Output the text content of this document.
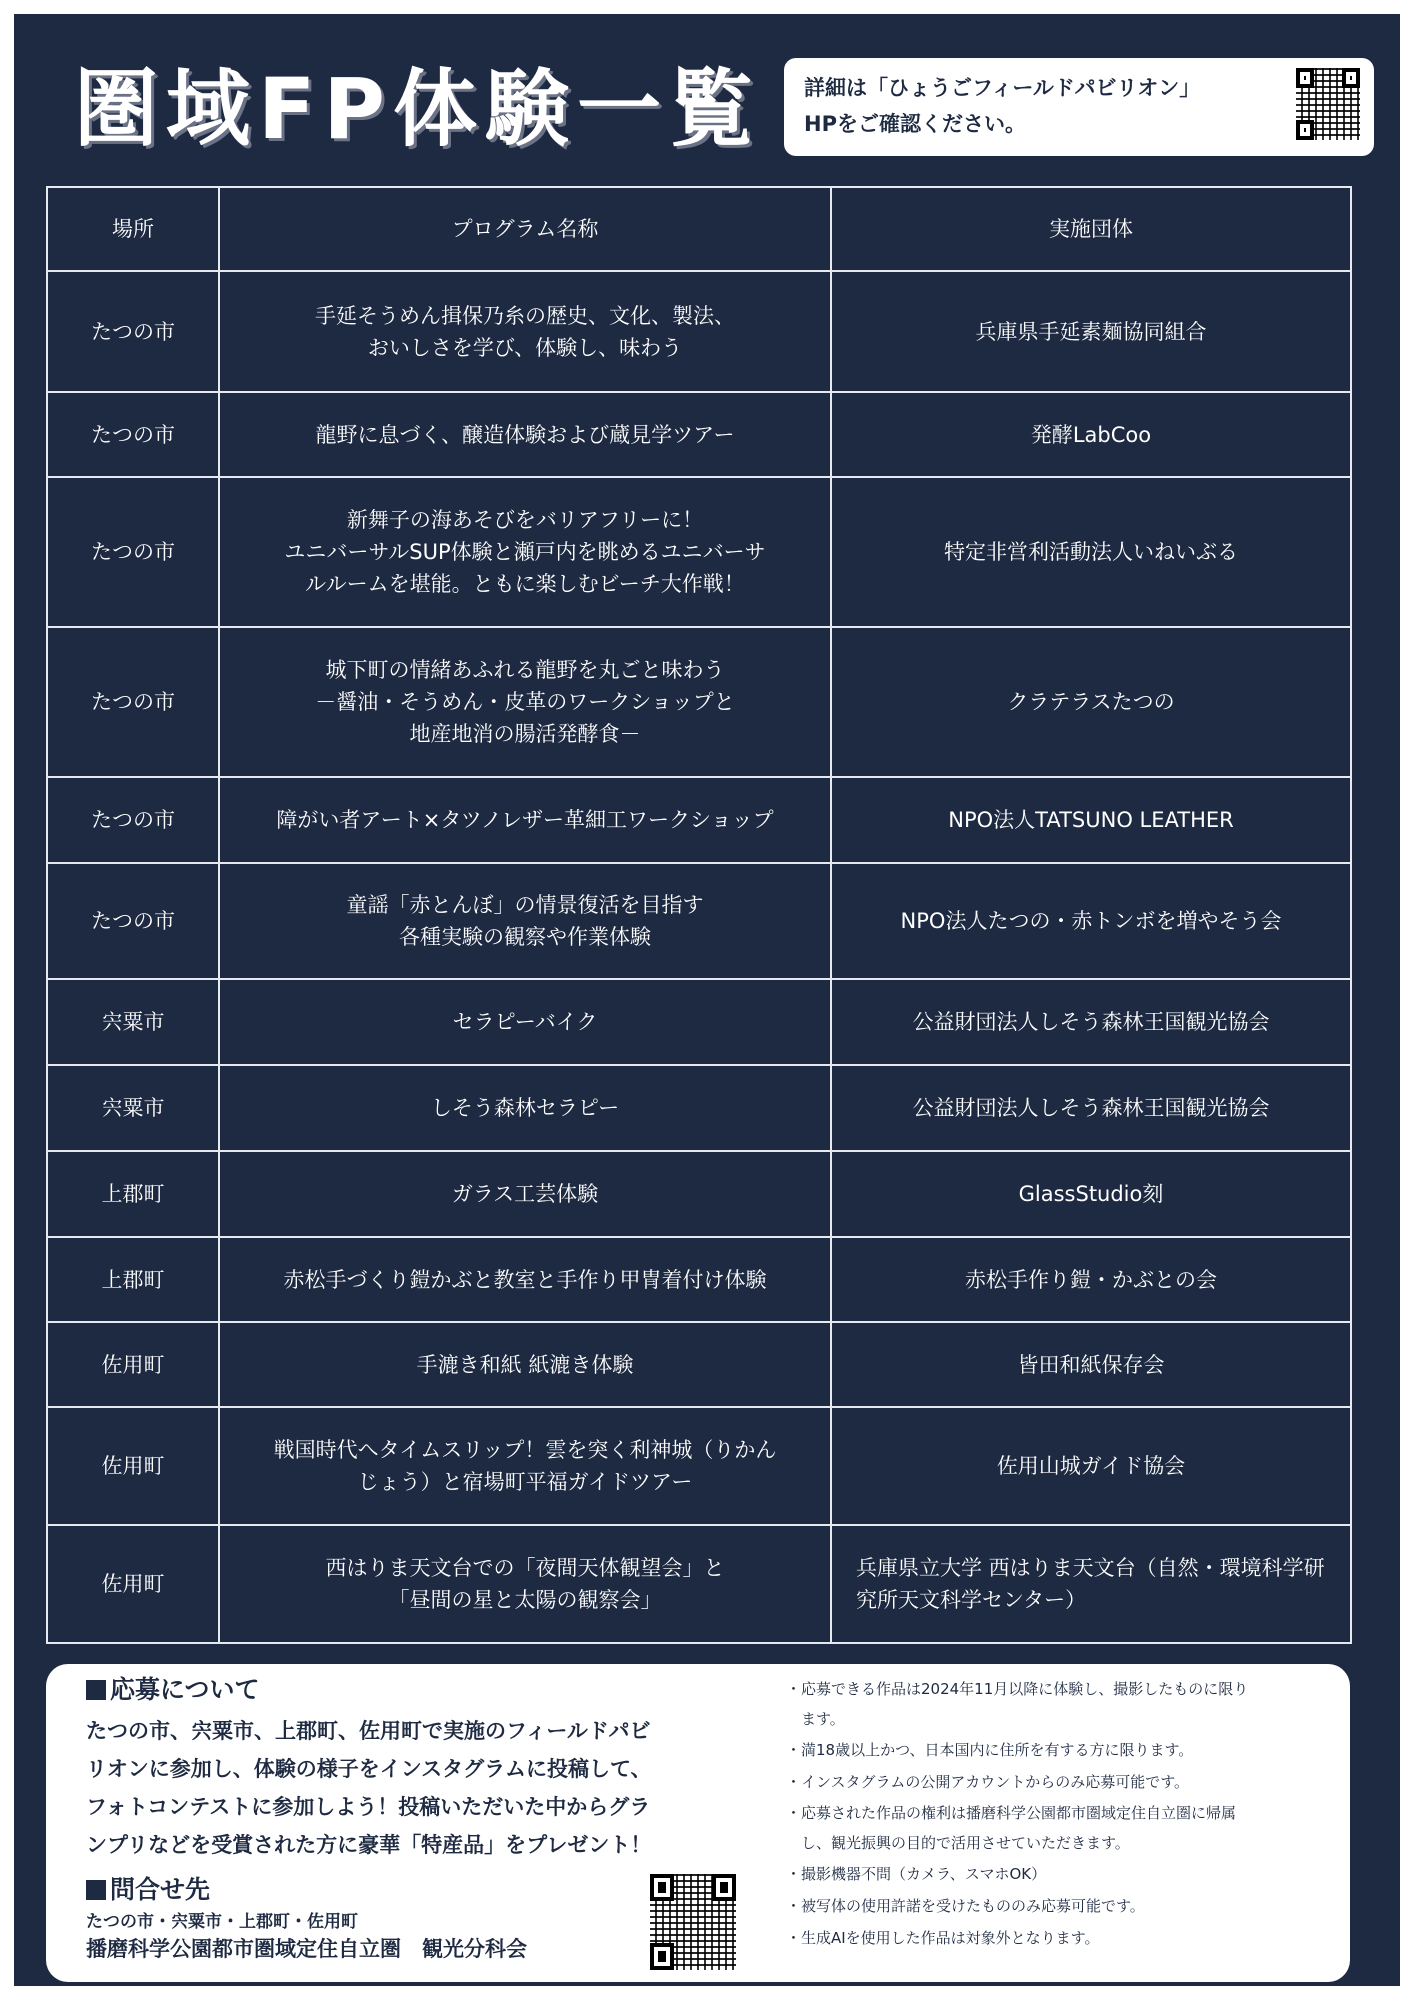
圏域FP体験一覧 詳細は「ひょうごフィールドパビリオン」
HPをご確認ください。
場所	プログラム名称	実施団体
たつの市	手延そうめん揖保乃糸の歴史、文化、製法、
おいしさを学び、体験し、味わう	兵庫県手延素麺協同組合
たつの市	龍野に息づく、醸造体験および蔵見学ツアー	発酵LabCoo
たつの市	新舞子の海あそびをバリアフリーに！
ユニバーサルSUP体験と瀬戸内を眺めるユニバーサ
ルルームを堪能。ともに楽しむビーチ大作戦！	特定非営利活動法人いねいぶる
たつの市	城下町の情緒あふれる龍野を丸ごと味わう
－醤油・そうめん・皮革のワークショップと
地産地消の腸活発酵食－	クラテラスたつの
たつの市	障がい者アート×タツノレザー革細工ワークショップ	NPO法人TATSUNO LEATHER
たつの市	童謡「赤とんぼ」の情景復活を目指す
各種実験の観察や作業体験	NPO法人たつの・赤トンボを増やそう会
宍粟市	セラピーバイク	公益財団法人しそう森林王国観光協会
宍粟市	しそう森林セラピー	公益財団法人しそう森林王国観光協会
上郡町	ガラス工芸体験	GlassStudio刻
上郡町	赤松手づくり鎧かぶと教室と手作り甲冑着付け体験	赤松手作り鎧・かぶとの会
佐用町	手漉き和紙 紙漉き体験	皆田和紙保存会
佐用町	戦国時代へタイムスリップ！雲を突く利神城（りかん
じょう）と宿場町平福ガイドツアー	佐用山城ガイド協会
佐用町	西はりま天文台での「夜間天体観望会」と
「昼間の星と太陽の観察会」	兵庫県立大学 西はりま天文台（自然・環境科学研
究所天文科学センター）
応募について
たつの市、宍粟市、上郡町、佐用町で実施のフィールドパビ
リオンに参加し、体験の様子をインスタグラムに投稿して、
フォトコンテストに参加しよう！投稿いただいた中からグラ
ンプリなどを受賞された方に豪華「特産品」をプレゼント！
問合せ先
たつの市・宍粟市・上郡町・佐用町
播磨科学公園都市圏域定住自立圏　観光分科会
・応募できる作品は2024年11月以降に体験し、撮影したものに限り
　ます。
・満18歳以上かつ、日本国内に住所を有する方に限ります。
・インスタグラムの公開アカウントからのみ応募可能です。
・応募された作品の権利は播磨科学公園都市圏域定住自立圏に帰属
　し、観光振興の目的で活用させていただきます。
・撮影機器不問（カメラ、スマホOK）
・被写体の使用許諾を受けたもののみ応募可能です。
・生成AIを使用した作品は対象外となります。
